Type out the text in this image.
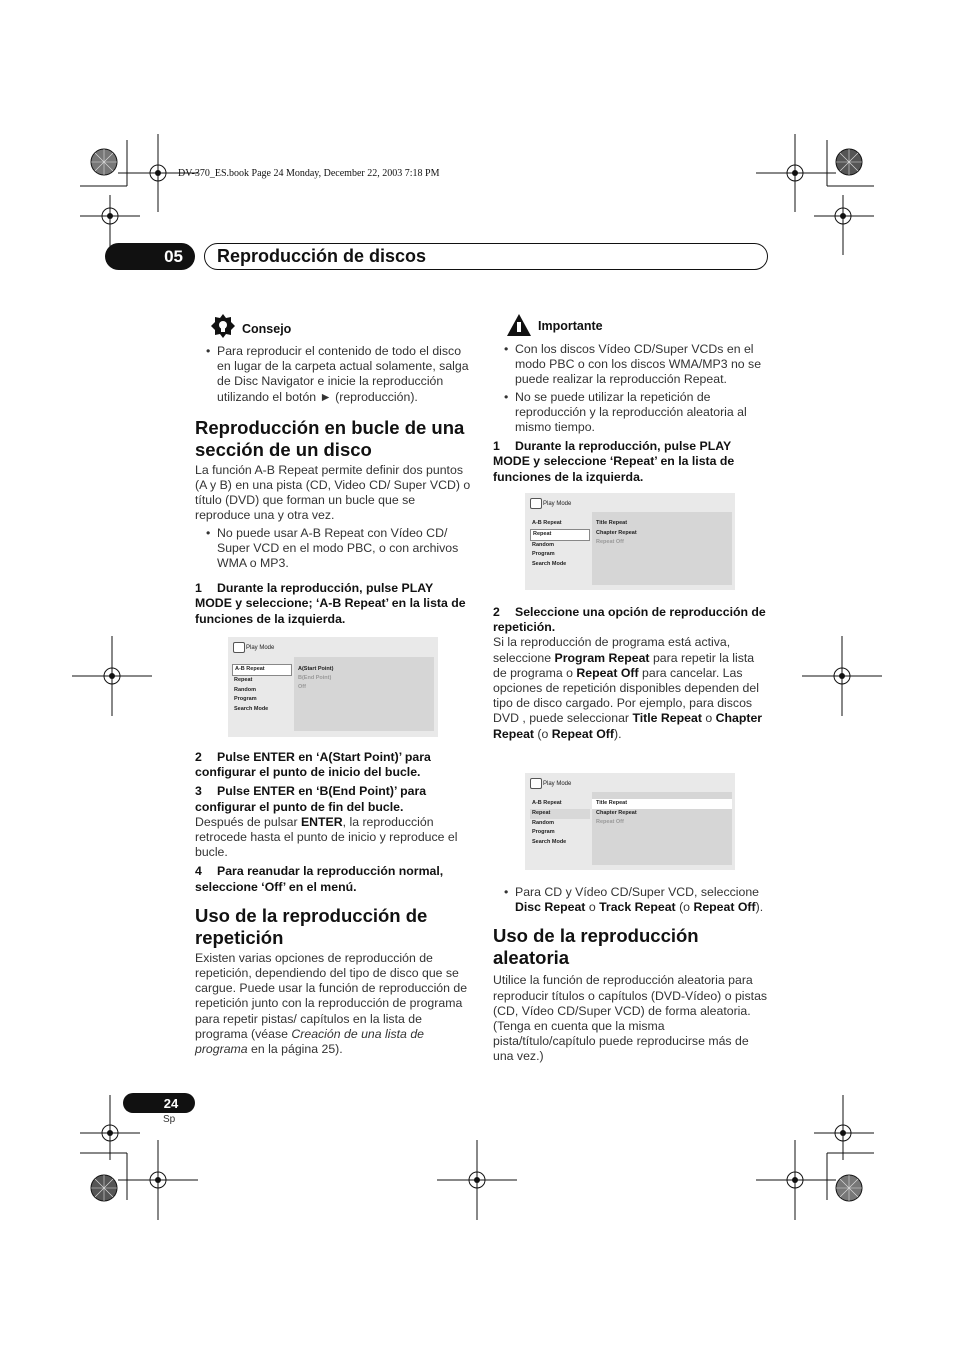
DV-370_ES.book Page 24 Monday, December 22, 2003 7:18 PM
05	Reproducción de discos
Consejo

• Para reproducir el contenido de todo el disco en lugar de la carpeta actual solamente, salga de Disc Navigator e inicie la reproducción utilizando el botón ► (reproducción).

Reproducción en bucle de una sección de un disco

La función A-B Repeat permite definir dos puntos (A y B) en una pista (CD, Video CD/ Super VCD) o título (DVD) que forman un bucle que se reproduce una y otra vez.

• No puede usar A-B Repeat con Vídeo CD/ Super VCD en el modo PBC, o con archivos WMA o MP3.

1 Durante la reproducción, pulse PLAY MODE y seleccione; ‘A-B Repeat’ en la lista de funciones de la izquierda.
Play Mode
A-B Repeat
Repeat
Random
Program
Search Mode
A(Start Point)
B(End Point)
Off
2 Pulse ENTER en ‘A(Start Point)’ para configurar el punto de inicio del bucle.
3 Pulse ENTER en ‘B(End Point)’ para configurar el punto de fin del bucle.

Después de pulsar ENTER, la reproducción retrocede hasta el punto de inicio y reproduce el bucle.

4 Para reanudar la reproducción normal, seleccione ‘Off’ en el menú.
Uso de la reproducción de repetición

Existen varias opciones de reproducción de repetición, dependiendo del tipo de disco que se cargue. Puede usar la función de reproducción de repetición junto con la reproducción de programa para repetir pistas/ capítulos en la lista de programa (véase Creación de una lista de programa en la página 25).

Importante

• Con los discos Vídeo CD/Super VCDs en el modo PBC o con los discos WMA/MP3 no se puede realizar la reproducción Repeat.

• No se puede utilizar la repetición de reproducción y la reproducción aleatoria al mismo tiempo.

1 Durante la reproducción, pulse PLAY MODE y seleccione ‘Repeat’ en la lista de funciones de la izquierda.
Play Mode
A-B Repeat
Repeat
Random
Program
Search Mode
Title Repeat
Chapter Repeat
Repeat Off
2 Seleccione una opción de reproducción de repetición.

Si la reproducción de programa está activa, seleccione Program Repeat para repetir la lista de programa o Repeat Off para cancelar. Las opciones de repetición disponibles dependen del tipo de disco cargado. Por ejemplo, para discos DVD , puede seleccionar Title Repeat o Chapter Repeat (o Repeat Off).

Play Mode
A-B Repeat
Repeat
Random
Program
Search Mode
Title Repeat
Chapter Repeat
Repeat Off

• Para CD y Vídeo CD/Super VCD, seleccione Disc Repeat o Track Repeat (o Repeat Off).

Uso de la reproducción aleatoria

Utilice la función de reproducción aleatoria para reproducir títulos o capítulos (DVD-Vídeo) o pistas (CD, Vídeo CD/Super VCD) de forma aleatoria. (Tenga en cuenta que la misma pista/título/capítulo puede reproducirse más de una vez.)

24
Sp
